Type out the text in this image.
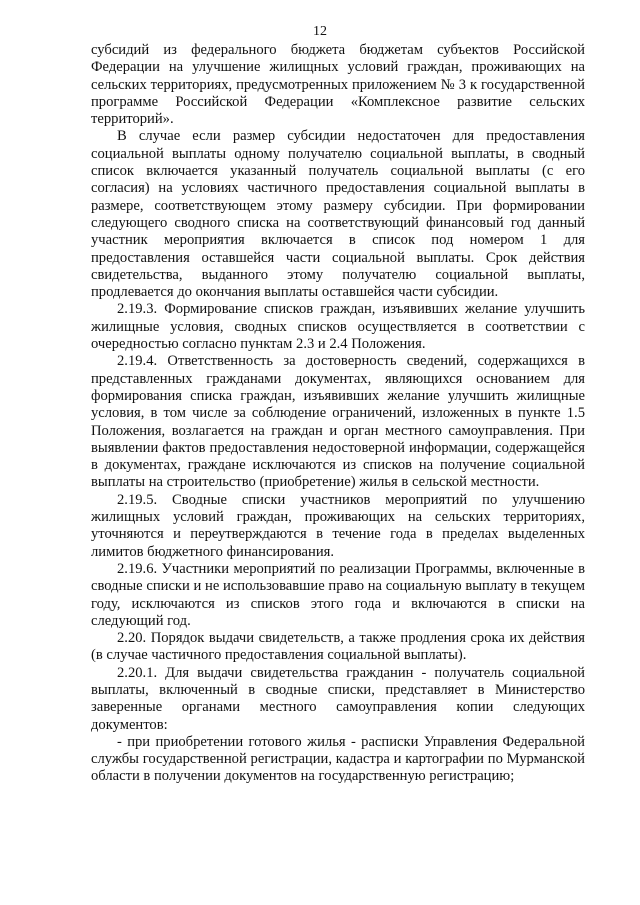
12

субсидий из федерального бюджета бюджетам субъектов Российской Федерации на улучшение жилищных условий граждан, проживающих на сельских территориях, предусмотренных приложением № 3 к государственной программе Российской Федерации «Комплексное развитие сельских территорий».

В случае если размер субсидии недостаточен для предоставления социальной выплаты одному получателю социальной выплаты, в сводный список включается указанный получатель социальной выплаты (с его согласия) на условиях частичного предоставления социальной выплаты в размере, соответствующем этому размеру субсидии. При формировании следующего сводного списка на соответствующий финансовый год данный участник мероприятия включается в список под номером 1 для предоставления оставшейся части социальной выплаты. Срок действия свидетельства, выданного этому получателю социальной выплаты, продлевается до окончания выплаты оставшейся части субсидии.

2.19.3. Формирование списков граждан, изъявивших желание улучшить жилищные условия, сводных списков осуществляется в соответствии с очередностью согласно пунктам 2.3 и 2.4 Положения.

2.19.4. Ответственность за достоверность сведений, содержащихся в представленных гражданами документах, являющихся основанием для формирования списка граждан, изъявивших желание улучшить жилищные условия, в том числе за соблюдение ограничений, изложенных в пункте 1.5 Положения, возлагается на граждан и орган местного самоуправления. При выявлении фактов предоставления недостоверной информации, содержащейся в документах, граждане исключаются из списков на получение социальной выплаты на строительство (приобретение) жилья в сельской местности.

2.19.5. Сводные списки участников мероприятий по улучшению жилищных условий граждан, проживающих на сельских территориях, уточняются и переутверждаются в течение года в пределах выделенных лимитов бюджетного финансирования.

2.19.6. Участники мероприятий по реализации Программы, включенные в сводные списки и не использовавшие право на социальную выплату в текущем году, исключаются из списков этого года и включаются в списки на следующий год.

2.20. Порядок выдачи свидетельств, а также продления срока их действия (в случае частичного предоставления социальной выплаты).

2.20.1. Для выдачи свидетельства гражданин - получатель социальной выплаты, включенный в сводные списки, представляет в Министерство заверенные органами местного самоуправления копии следующих документов:

- при приобретении готового жилья - расписки Управления Федеральной службы государственной регистрации, кадастра и картографии по Мурманской области в получении документов на государственную регистрацию;
